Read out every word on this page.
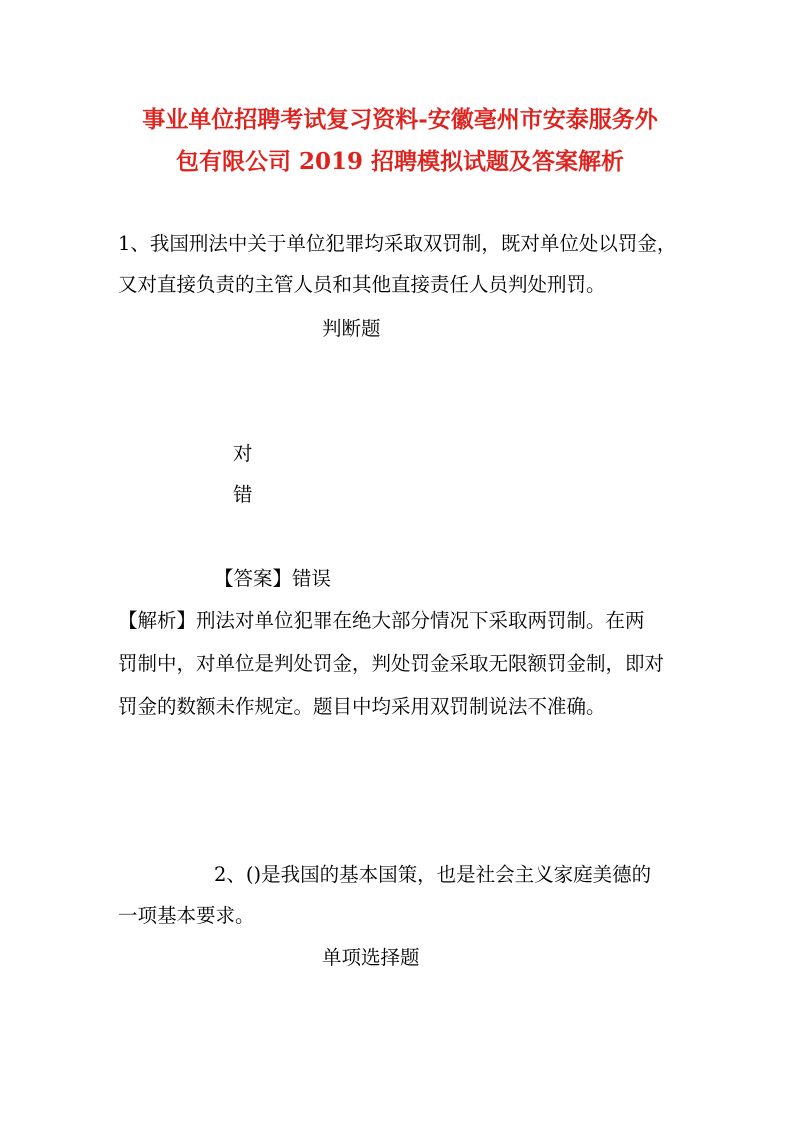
事业单位招聘考试复习资料-安徽亳州市安泰服务外
包有限公司 2019 招聘模拟试题及答案解析
1、我国刑法中关于单位犯罪均采取双罚制，既对单位处以罚金，
又对直接负责的主管人员和其他直接责任人员判处刑罚。
判断题
对
错
【答案】错误
【解析】刑法对单位犯罪在绝大部分情况下采取两罚制。在两
罚制中，对单位是判处罚金，判处罚金采取无限额罚金制，即对
罚金的数额未作规定。题目中均采用双罚制说法不准确。
2、()是我国的基本国策，也是社会主义家庭美德的
一项基本要求。
单项选择题
